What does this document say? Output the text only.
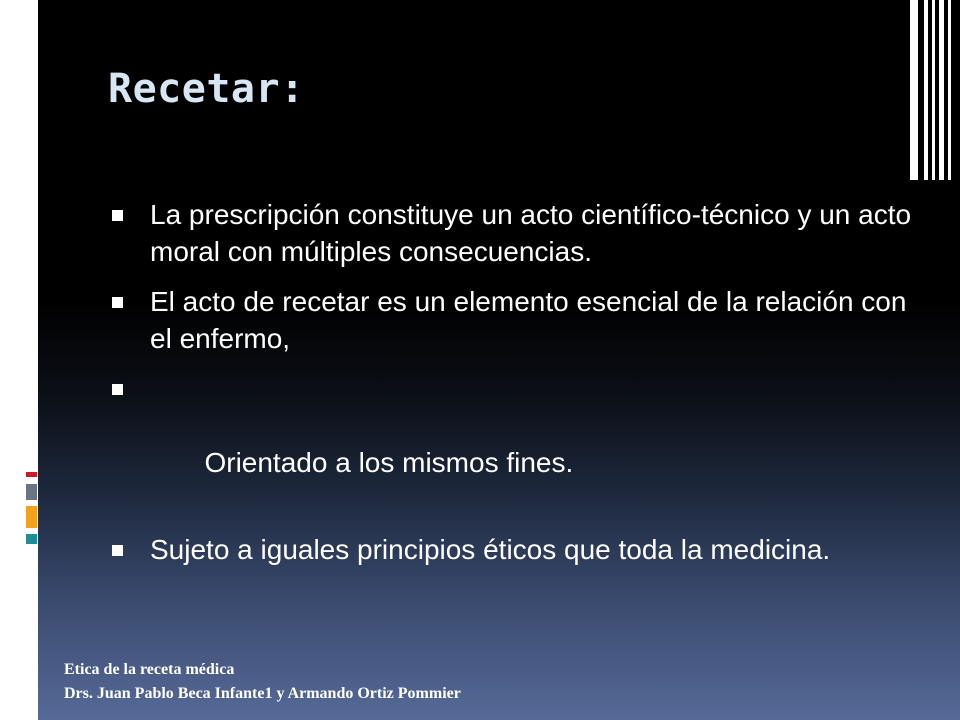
Recetar:
La prescripción constituye un acto científico-técnico y un acto moral con múltiples consecuencias.
El acto de recetar es un elemento esencial de la relación con el enfermo,

Orientado a los mismos fines.

Sujeto a iguales principios éticos que toda la medicina.
Etica de la receta médica
Drs. Juan Pablo Beca Infante1 y Armando Ortiz Pommier
